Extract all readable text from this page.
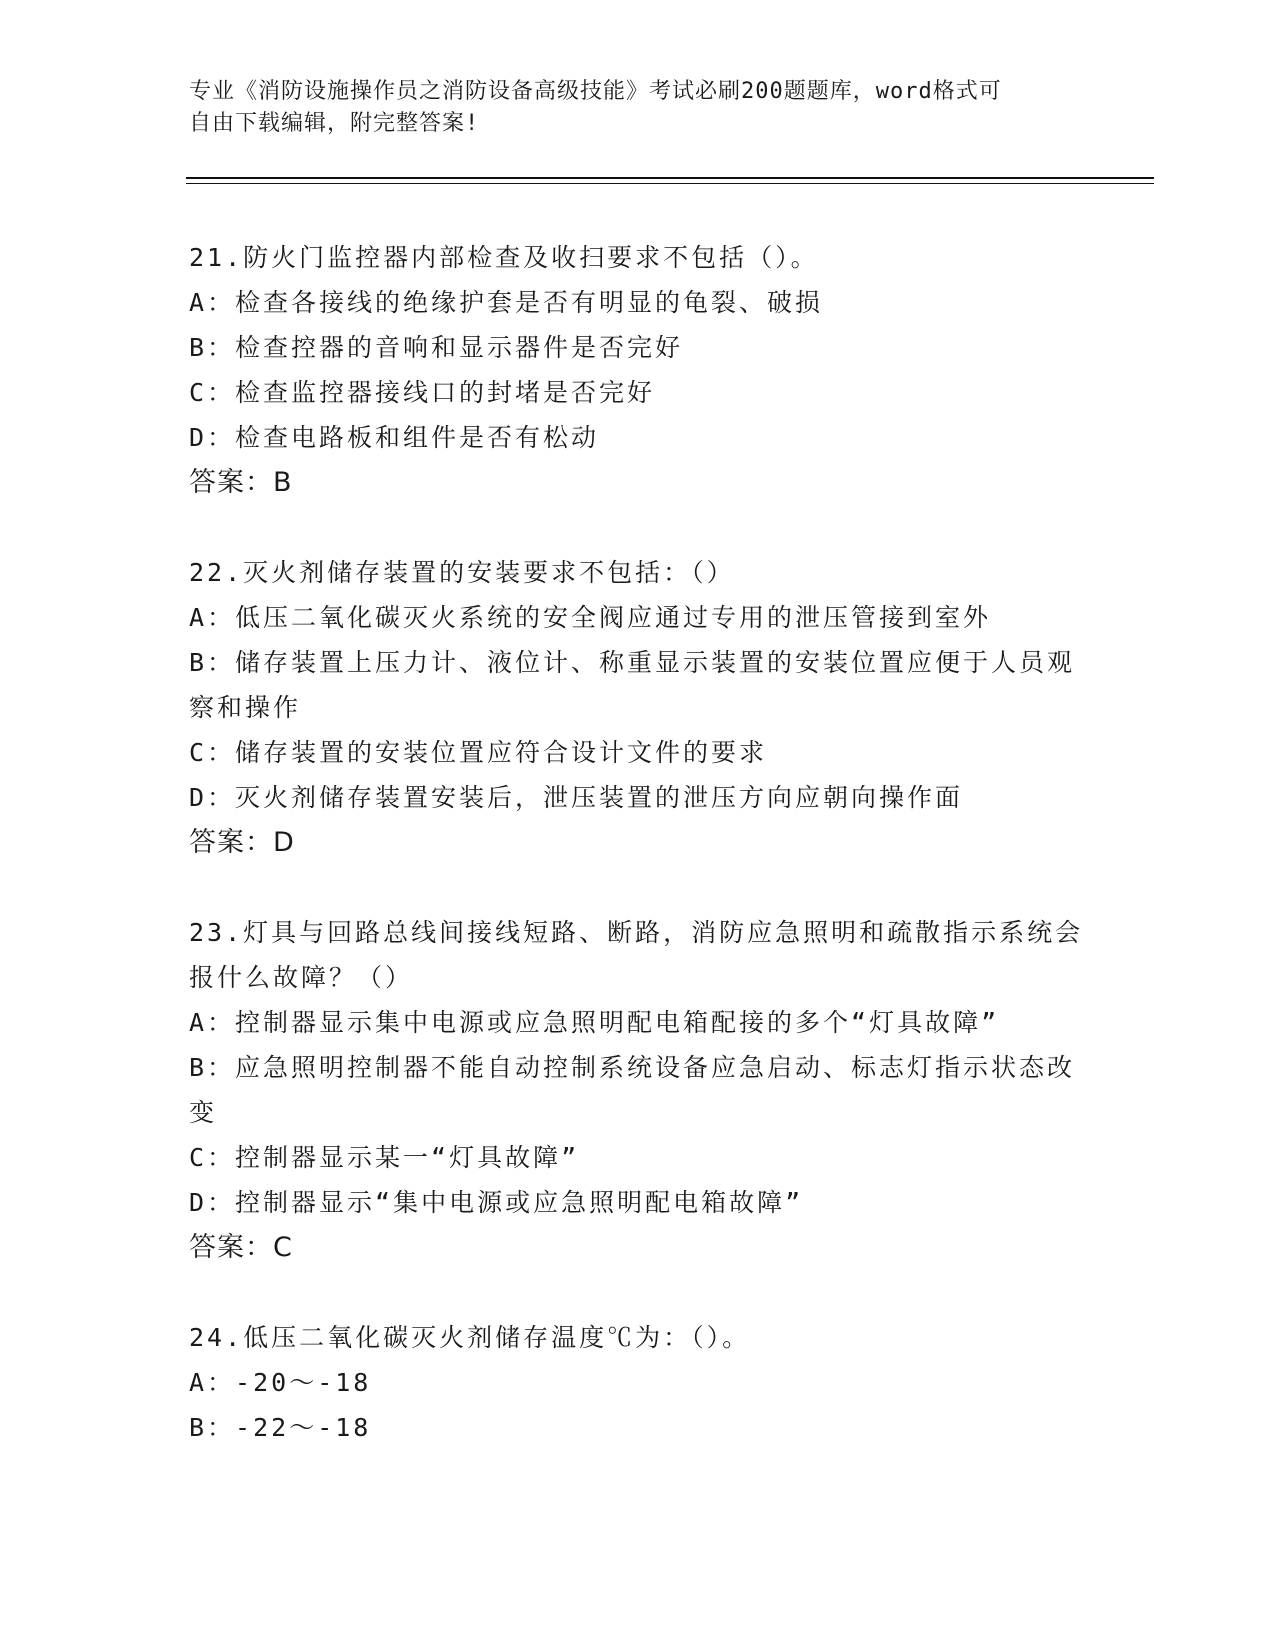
专业《消防设施操作员之消防设备高级技能》考试必刷200题题库，word格式可
自由下载编辑，附完整答案!
21.防火门监控器内部检查及收扫要求不包括（）。
A：检查各接线的绝缘护套是否有明显的龟裂、破损
B：检查控器的音响和显示器件是否完好
C：检查监控器接线口的封堵是否完好
D：检查电路板和组件是否有松动
答案：B
22.灭火剂储存装置的安装要求不包括：（）
A：低压二氧化碳灭火系统的安全阀应通过专用的泄压管接到室外
B：储存装置上压力计、液位计、称重显示装置的安装位置应便于人员观察和操作
C：储存装置的安装位置应符合设计文件的要求
D：灭火剂储存装置安装后，泄压装置的泄压方向应朝向操作面
答案：D
23.灯具与回路总线间接线短路、断路，消防应急照明和疏散指示系统会报什么故障？（）
A：控制器显示集中电源或应急照明配电箱配接的多个“灯具故障”
B：应急照明控制器不能自动控制系统设备应急启动、标志灯指示状态改变
C：控制器显示某一“灯具故障”
D：控制器显示“集中电源或应急照明配电箱故障”
答案：C
24.低压二氧化碳灭火剂储存温度℃为：（）。
A：-20～-18
B：-22～-18
